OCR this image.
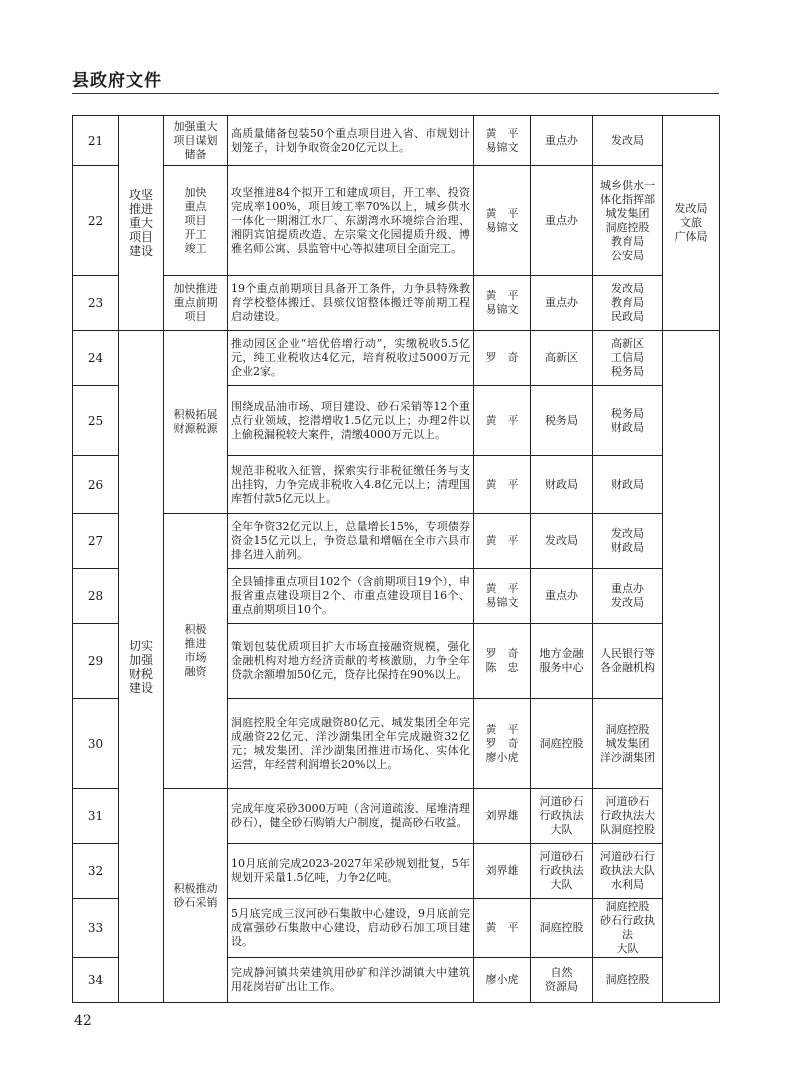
县政府文件
21	攻坚
推进
重大
项目
建设	加强重大
项目谋划
储备	高质量储备包装50个重点项目进入省、市规划计划笼子，计划争取资金20亿元以上。	黄　平
易锦文	重点办	发改局	发改局
文旅
广体局
22		加快
重点
项目
开工
竣工	攻坚推进84个拟开工和建成项目，开工率、投资完成率100%，项目竣工率70%以上，城乡供水一体化一期湘江水厂、东湖湾水环境综合治理、湘阴宾馆提质改造、左宗棠文化园提质升级、博雅名师公寓、县监管中心等拟建项目全面完工。	黄　平
易锦文	重点办	城乡供水一体化指挥部
城发集团
洞庭控股
教育局
公安局	
23		加快推进
重点前期
项目	19个重点前期项目具备开工条件，力争县特殊教育学校整体搬迁、县殡仪馆整体搬迁等前期工程启动建设。	黄　平
易锦文	重点办	发改局
教育局
民政局	
24	切实
加强
财税
建设	积极拓展
财源税源	推动园区企业“培优倍增行动”，实缴税收5.5亿元，纯工业税收达4亿元，培育税收过5000万元企业2家。	罗　奇	高新区	高新区
工信局
税务局	
25			围绕成品油市场、项目建设、砂石采销等12个重点行业领域，挖潜增收1.5亿元以上；办理2件以上偷税漏税较大案件，清缴4000万元以上。	黄　平	税务局	税务局
财政局	
26			规范非税收入征管，探索实行非税征缴任务与支出挂钩，力争完成非税收入4.8亿元以上；清理国库暂付款5亿元以上。	黄　平	财政局	财政局	
27		积极
推进
市场
融资	全年争资32亿元以上，总量增长15%，专项债券资金15亿元以上，争资总量和增幅在全市六县市排名进入前列。	黄　平	发改局	发改局
财政局	
28			全县铺排重点项目102个（含前期项目19个），申报省重点建设项目2个、市重点建设项目16个、重点前期项目10个。	黄　平
易锦文	重点办	重点办
发改局	
29			策划包装优质项目扩大市场直接融资规模，强化金融机构对地方经济贡献的考核激励，力争全年贷款余额增加50亿元，贷存比保持在90%以上。	罗　奇
陈　忠	地方金融
服务中心	人民银行等
各金融机构	
30			洞庭控股全年完成融资80亿元、城发集团全年完成融资22亿元、洋沙湖集团全年完成融资32亿元；城发集团、洋沙湖集团推进市场化、实体化运营，年经营利润增长20%以上。	黄　平
罗　奇
廖小虎	洞庭控股	洞庭控股
城发集团
洋沙湖集团	
31		积极推动
砂石采销	完成年度采砂3000万吨（含河道疏浚、尾堆清理砂石），健全砂石购销大户制度，提高砂石收益。	刘界雄	河道砂石
行政执法
大队	河道砂石
行政执法大
队洞庭控股	
32			10月底前完成2023-2027年采砂规划批复，5年规划开采量1.5亿吨，力争2亿吨。	刘界雄	河道砂石
行政执法
大队	河道砂石行
政执法大队
水利局	
33			5月底完成三汊河砂石集散中心建设，9月底前完成富强砂石集散中心建设，启动砂石加工项目建设。	黄　平	洞庭控股	洞庭控股
砂石行政执法
大队	
34			完成静河镇共荣建筑用砂矿和洋沙湖镇大中建筑用花岗岩矿出让工作。	廖小虎	自然
资源局	洞庭控股	
42
